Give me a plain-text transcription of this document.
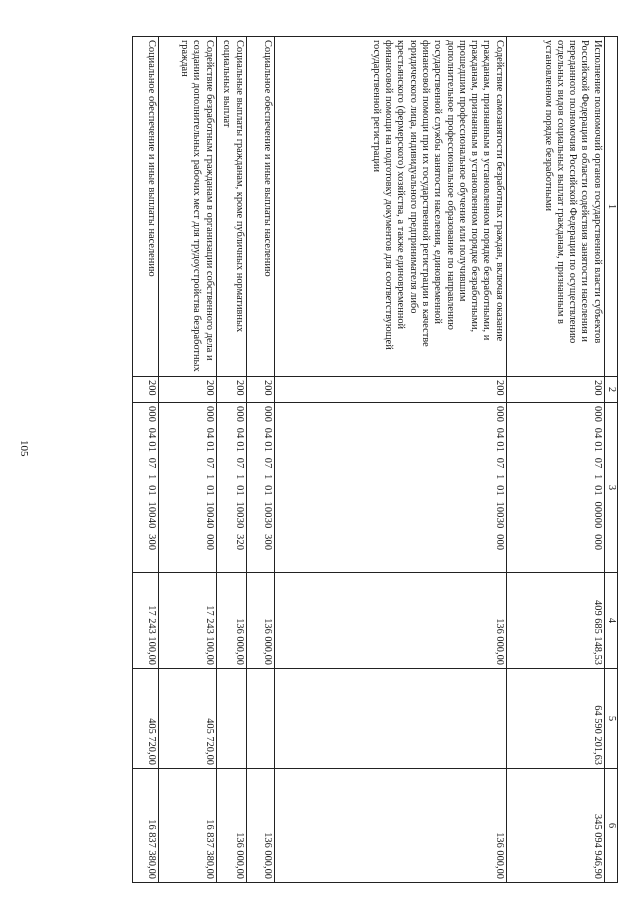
105
1	2	3	4	5	6
Исполнение полномочий органов государственной власти субъектов Российской Федерации в области содействия занятости населения и переданного полномочия Российской Федерации по осуществлению отдельных видов социальных выплат гражданам, признанным в установленном порядке безработными	200	000  04 01  07  1  01  00000  000	409 685 148,53	64 590 201,63	345 094 946,90
Содействие самозанятости безработных граждан, включая оказание гражданам, признанным в установленном порядке безработными, и гражданам, признанным в установленном порядке безработными, прошедшим профессиональное обучение или получившим дополнительное профессиональное образование по направлению государственной службы занятости населения, единовременной финансовой помощи при их государственной регистрации в качестве юридического лица, индивидуального предпринимателя либо крестьянского (фермерского) хозяйства, а также единовременной финансовой помощи на подготовку документов для соответствующей государственной регистрации	200	000  04 01  07  1  01  10030  000	136 000,00		136 000,00
Социальное обеспечение и иные выплаты населению	200	000  04 01  07  1  01  10030  300	136 000,00		136 000,00
Социальные выплаты гражданам, кроме публичных нормативных социальных выплат	200	000  04 01  07  1  01  10030  320	136 000,00		136 000,00
Содействие безработным гражданам в организации собственного дела и создании дополнительных рабочих мест для трудоустройства безработных граждан	200	000  04 01  07  1  01  10040  000	17 243 100,00	405 720,00	16 837 380,00
Социальное обеспечение и иные выплаты населению	200	000  04 01  07  1  01  10040  300	17 243 100,00	405 720,00	16 837 380,00
